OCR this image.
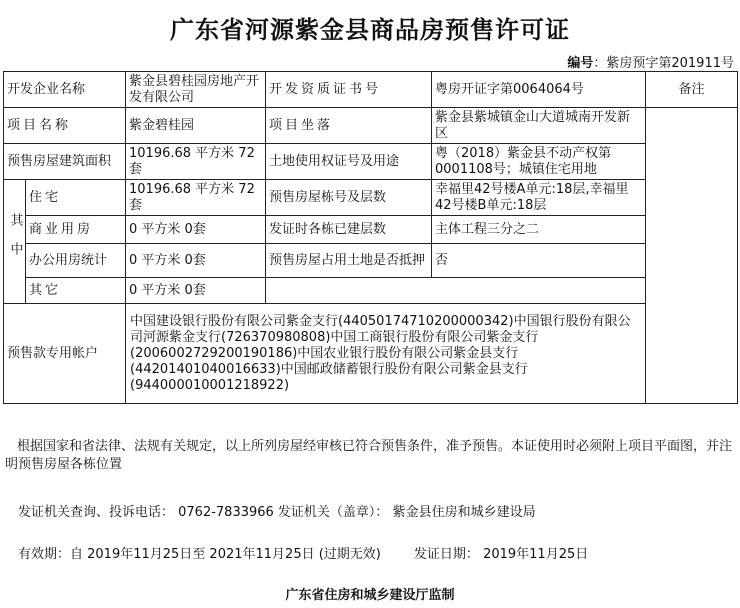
广东省河源紫金县商品房预售许可证
编号：紫房预字第201911号
开发企业名称		紫金县碧桂园房地产开发有限公司	开发资质证书号	粤房开证字第0064064号	备注
项目名称		紫金碧桂园	项目坐落	紫金县紫城镇金山大道城南开发新区	
预售房屋建筑面积		10196.68 平方米 72套	土地使用权证号及用途	粤（2018）紫金县不动产权第0001108号；城镇住宅用地	
其中	住宅	10196.68 平方米 72套	预售房屋栋号及层数	幸福里42号楼A单元:18层,幸福里42号楼B单元:18层	
	商业用房	0 平方米 0套	发证时各栋已建层数	主体工程三分之二	
	办公用房统计	0 平方米 0套	预售房屋占用土地是否抵押	否	
	其它	0 平方米 0套			
预售款专用帐户		中国建设银行股份有限公司紫金支行(44050174710200000342)中国银行股份有限公司河源紫金支行(726370980808)中国工商银行股份有限公司紫金支行(2006002729200190186)中国农业银行股份有限公司紫金县支行(44201401040016633)中国邮政储蓄银行股份有限公司紫金县支行(944000010001218922)			
根据国家和省法律、法规有关规定，以上所列房屋经审核已符合预售条件，准予预售。本证使用时必须附上项目平面图，并注明预售房屋各栋位置
发证机关查询、投诉电话： 0762-7833966 发证机关（盖章）： 紫金县住房和城乡建设局
有效期：自 2019年11月25日至 2021年11月25日 (过期无效)        发证日期： 2019年11月25日
广东省住房和城乡建设厅监制
